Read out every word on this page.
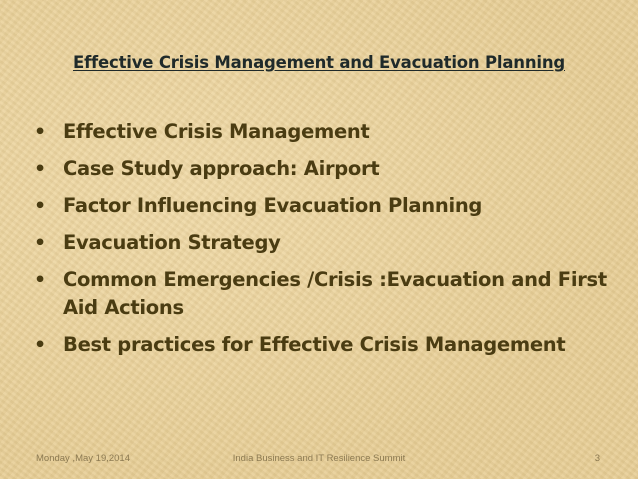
Effective Crisis Management and Evacuation Planning
• Effective Crisis Management
• Case Study approach: Airport
• Factor Influencing Evacuation Planning
• Evacuation Strategy
• Common Emergencies /Crisis :Evacuation and First Aid Actions
• Best practices for Effective Crisis Management
Monday ,May 19,2014	India Business and IT Resilience Summit	3
